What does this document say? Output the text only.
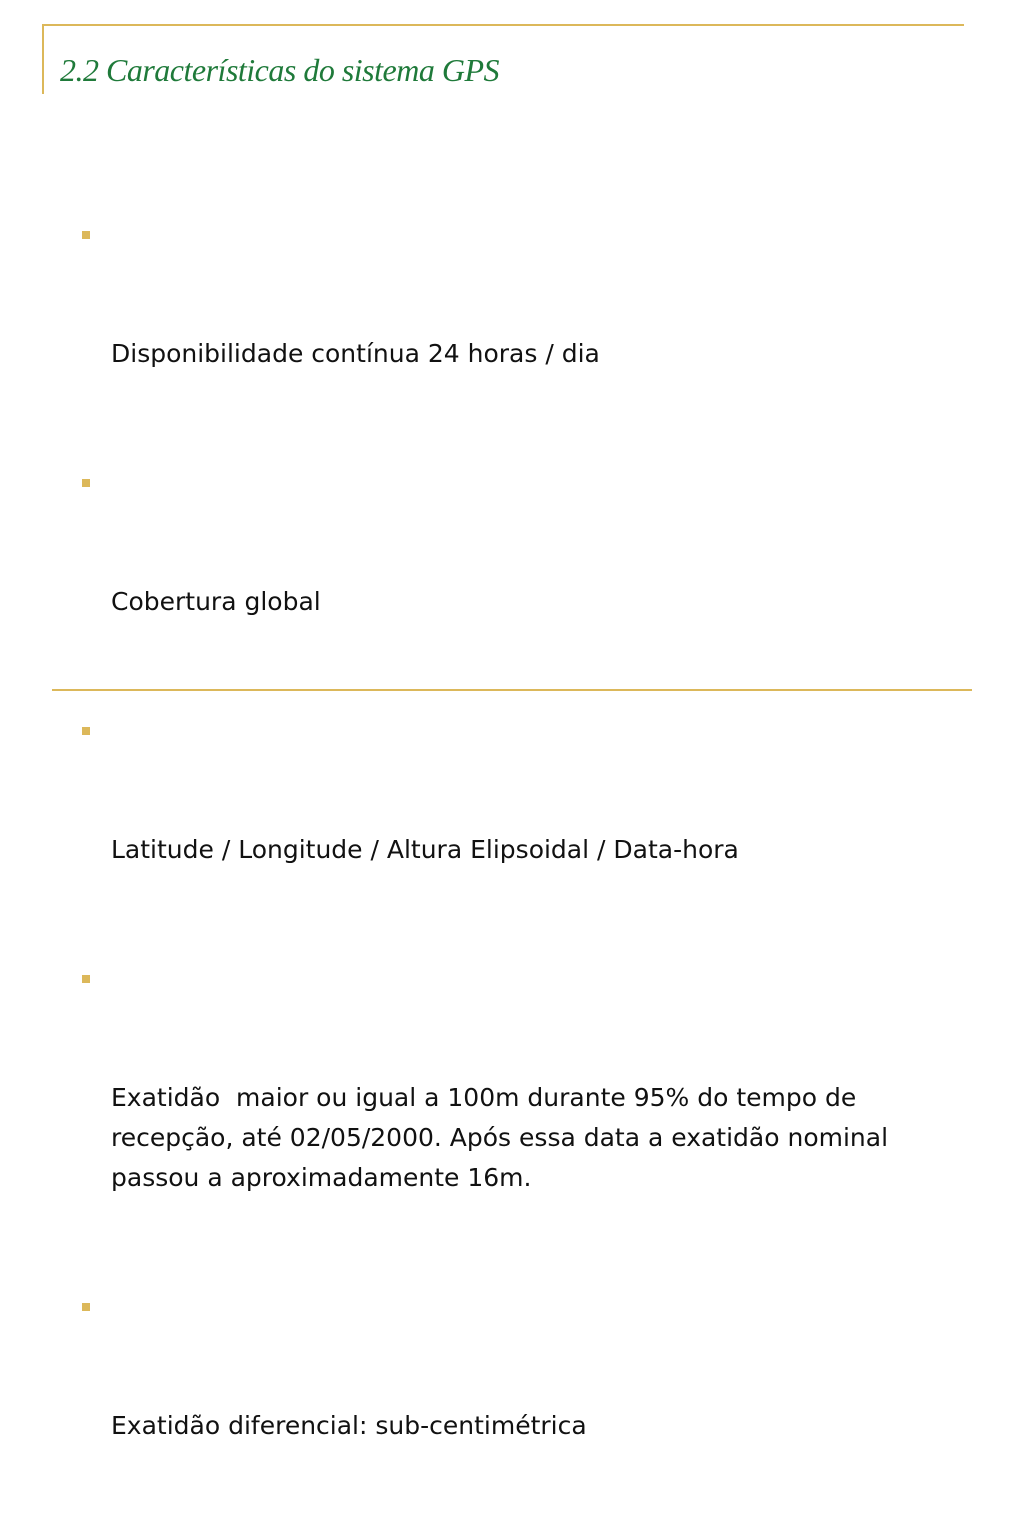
2.2 Características do sistema GPS

Disponibilidade contínua 24 horas / dia

Cobertura global

Latitude / Longitude / Altura Elipsoidal / Data-hora

Exatidão  maior ou igual a 100m durante 95% do tempo de recepção, até 02/05/2000. Após essa data a exatidão nominal passou a aproximadamente 16m.

Exatidão diferencial: sub-centimétrica
